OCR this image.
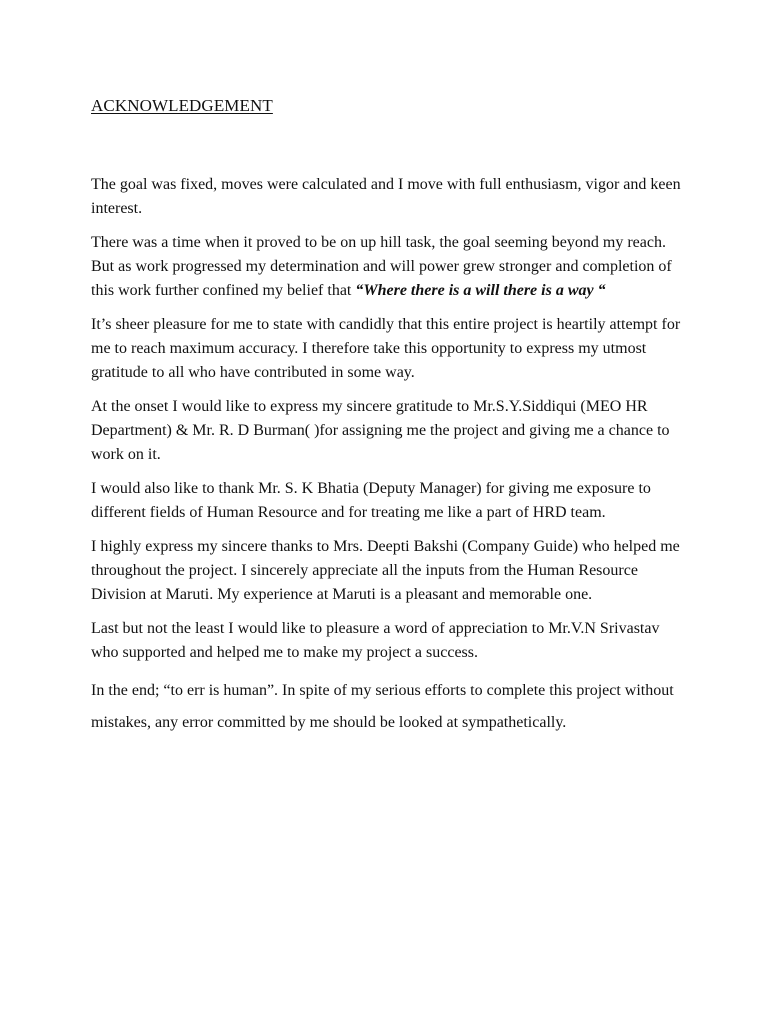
ACKNOWLEDGEMENT

The goal was fixed, moves were calculated and I move with full enthusiasm, vigor and keen interest.

There was a time when it proved to be on up hill task, the goal seeming beyond my reach. But as work progressed my determination and will power grew stronger and completion of this work further confined my belief that “Where there is a will there is a way “

It’s sheer pleasure for me to state with candidly that this entire project is heartily attempt for me to reach maximum accuracy. I therefore take this opportunity to express my utmost gratitude to all who have contributed in some way.

At the onset I would like to express my sincere gratitude to Mr.S.Y.Siddiqui (MEO HR Department) & Mr. R. D Burman( )for assigning me the project and giving me a chance to work on it.

I would also like to thank Mr. S. K Bhatia (Deputy Manager) for giving me exposure to different fields of Human Resource and for treating me like a part of HRD team.

I highly express my sincere thanks to Mrs. Deepti Bakshi (Company Guide) who helped me throughout the project. I sincerely appreciate all the inputs from the Human Resource Division at Maruti. My experience at Maruti is a pleasant and memorable one.

Last but not the least I would like to pleasure a word of appreciation to Mr.V.N Srivastav who supported and helped me to make my project a success.

In the end; “to err is human”. In spite of my serious efforts to complete this project without mistakes, any error committed by me should be looked at sympathetically.
